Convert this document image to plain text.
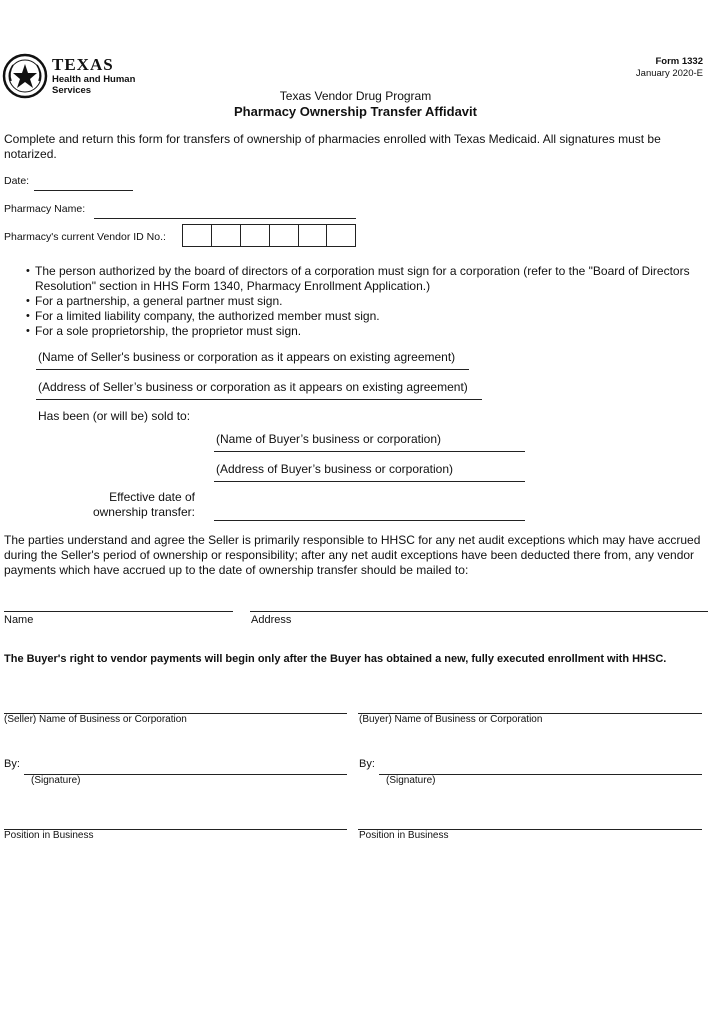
TEXAS
Health and Human Services
Form 1332
January 2020-E
Texas Vendor Drug Program
Pharmacy Ownership Transfer Affidavit
Complete and return this form for transfers of ownership of pharmacies enrolled with Texas Medicaid. All signatures must be notarized.
Date:
Pharmacy Name:
Pharmacy's current Vendor ID No.:
• The person authorized by the board of directors of a corporation must sign for a corporation (refer to the "Board of Directors Resolution" section in HHS Form 1340, Pharmacy Enrollment Application.)
• For a partnership, a general partner must sign.
• For a limited liability company, the authorized member must sign.
• For a sole proprietorship, the proprietor must sign.
(Name of Seller's business or corporation as it appears on existing agreement)
(Address of Seller’s business or corporation as it appears on existing agreement)
Has been (or will be) sold to:
(Name of Buyer’s business or corporation)
(Address of Buyer’s business or corporation)
Effective date of
ownership transfer:
The parties understand and agree the Seller is primarily responsible to HHSC for any net audit exceptions which may have accrued during the Seller's period of ownership or responsibility; after any net audit exceptions have been deducted there from, any vendor payments which have accrued up to the date of ownership transfer should be mailed to:
Name	Address
The Buyer's right to vendor payments will begin only after the Buyer has obtained a new, fully executed enrollment with HHSC.
(Seller) Name of Business or Corporation	(Buyer) Name of Business or Corporation
By:	By:
(Signature)	(Signature)
Position in Business	Position in Business
